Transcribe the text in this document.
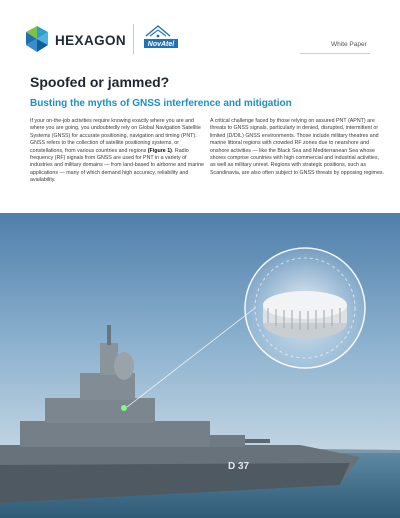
HEXAGON	NovAtel	White Paper
Spoofed or jammed?
Busting the myths of GNSS interference and mitigation

If your on-the-job activities require knowing exactly where you are and where you are going, you undoubtedly rely on Global Navigation Satellite Systems (GNSS) for accurate positioning, navigation and timing (PNT). GNSS refers to the collection of satellite positioning systems, or constellations, from various countries and regions (Figure 1). Radio frequency (RF) signals from GNSS are used for PNT in a variety of industries and military domains — from land-based to airborne and marine applications — many of which demand high accuracy, reliability and availability.

A critical challenge faced by those relying on assured PNT (APNT) are threats to GNSS signals, particularly in denied, disrupted, intermittent or limited (D/DIL) GNSS environments. Those include military theatres and marine littoral regions with crowded RF zones due to nearshore and onshore activities — like the Black Sea and Mediterranean Sea whose shores comprise countries with high commercial and industrial activities, as well as military unrest. Regions with strategic positions, such as Scandinavia, are also often subject to GNSS threats by opposing regimes.

D 37
